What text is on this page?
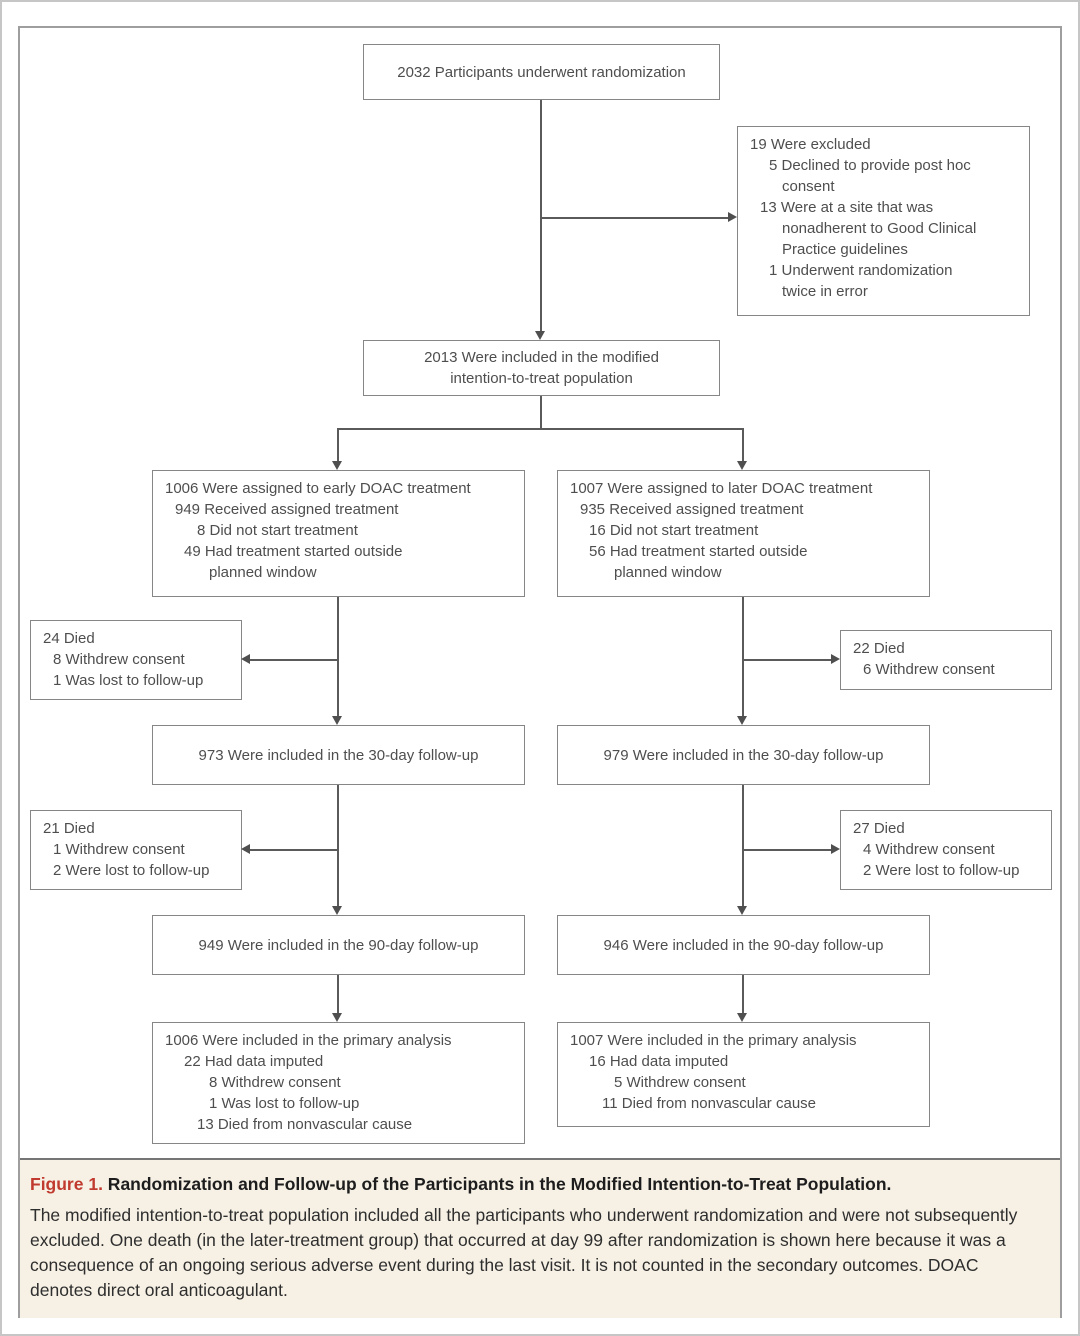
2032 Participants underwent randomization
19 Were excluded
5 Declined to provide post hoc
consent
13 Were at a site that was
nonadherent to Good Clinical
Practice guidelines
1 Underwent randomization
twice in error
2013 Were included in the modified
intention-to-treat population
1006 Were assigned to early DOAC treatment
949 Received assigned treatment
8 Did not start treatment
49 Had treatment started outside
planned window
1007 Were assigned to later DOAC treatment
935 Received assigned treatment
16 Did not start treatment
56 Had treatment started outside
planned window
24 Died
8 Withdrew consent
1 Was lost to follow-up
22 Died
6 Withdrew consent
973 Were included in the 30-day follow-up	979 Were included in the 30-day follow-up
21 Died
1 Withdrew consent
2 Were lost to follow-up
27 Died
4 Withdrew consent
2 Were lost to follow-up
949 Were included in the 90-day follow-up	946 Were included in the 90-day follow-up
1006 Were included in the primary analysis
22 Had data imputed
8 Withdrew consent
1 Was lost to follow-up
13 Died from nonvascular cause
1007 Were included in the primary analysis
16 Had data imputed
5 Withdrew consent
11 Died from nonvascular cause
Figure 1. Randomization and Follow-up of the Participants in the Modified Intention-to-Treat Population.
The modified intention-to-treat population included all the participants who underwent randomization and were not subsequently excluded. One death (in the later-treatment group) that occurred at day 99 after randomization is shown here because it was a consequence of an ongoing serious adverse event during the last visit. It is not counted in the secondary outcomes. DOAC denotes direct oral anticoagulant.
